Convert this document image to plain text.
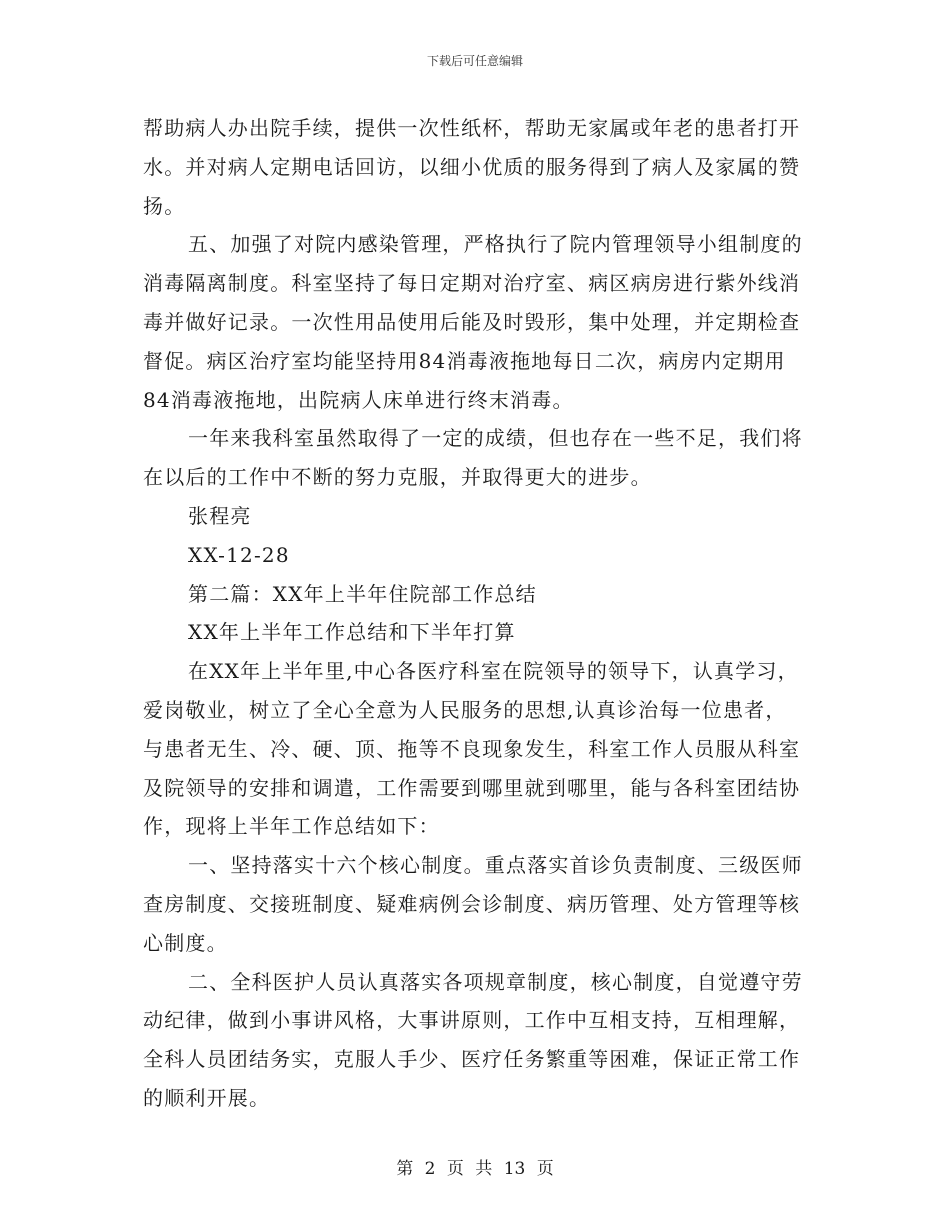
下载后可任意编辑

帮助病人办出院手续，提供一次性纸杯，帮助无家属或年老的患者打开水。并对病人定期电话回访，以细小优质的服务得到了病人及家属的赞扬。

五、加强了对院内感染管理，严格执行了院内管理领导小组制度的消毒隔离制度。科室坚持了每日定期对治疗室、病区病房进行紫外线消毒并做好记录。一次性用品使用后能及时毁形，集中处理，并定期检查督促。病区治疗室均能坚持用84消毒液拖地每日二次，病房内定期用84消毒液拖地，出院病人床单进行终末消毒。

一年来我科室虽然取得了一定的成绩，但也存在一些不足，我们将在以后的工作中不断的努力克服，并取得更大的进步。

张程亮

XX-12-28

第二篇：XX年上半年住院部工作总结

XX年上半年工作总结和下半年打算

在XX年上半年里,中心各医疗科室在院领导的领导下，认真学习，爱岗敬业，树立了全心全意为人民服务的思想,认真诊治每一位患者，与患者无生、冷、硬、顶、拖等不良现象发生，科室工作人员服从科室及院领导的安排和调遣，工作需要到哪里就到哪里，能与各科室团结协作，现将上半年工作总结如下：

一、坚持落实十六个核心制度。重点落实首诊负责制度、三级医师查房制度、交接班制度、疑难病例会诊制度、病历管理、处方管理等核心制度。

二、全科医护人员认真落实各项规章制度，核心制度，自觉遵守劳动纪律，做到小事讲风格，大事讲原则，工作中互相支持，互相理解，全科人员团结务实，克服人手少、医疗任务繁重等困难，保证正常工作的顺利开展。

第 2 页 共 13 页
